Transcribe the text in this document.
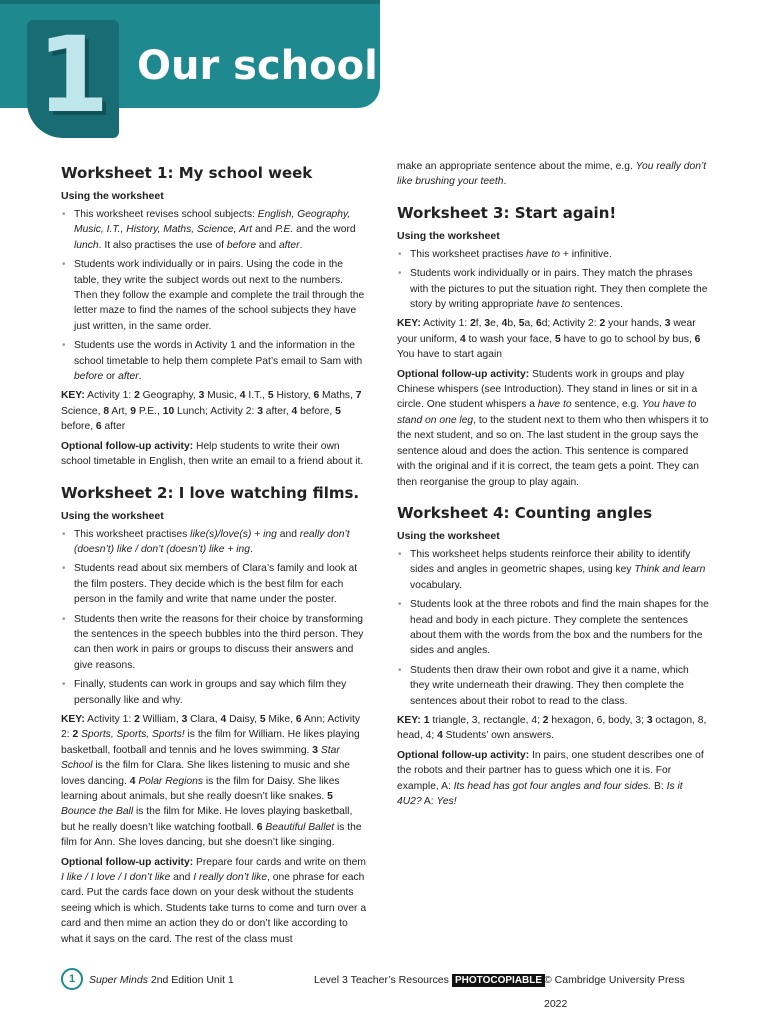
1 Our school
Worksheet 1: My school week
Using the worksheet
• This worksheet revises school subjects: English, Geography, Music, I.T., History, Maths, Science, Art and P.E. and the word lunch. It also practises the use of before and after.
• Students work individually or in pairs. Using the code in the table, they write the subject words out next to the numbers. Then they follow the example and complete the trail through the letter maze to find the names of the school subjects they have just written, in the same order.
• Students use the words in Activity 1 and the information in the school timetable to help them complete Pat’s email to Sam with before or after.

KEY: Activity 1: 2 Geography, 3 Music, 4 I.T., 5 History, 6 Maths, 7 Science, 8 Art, 9 P.E., 10 Lunch; Activity 2: 3 after, 4 before, 5 before, 6 after

Optional follow-up activity: Help students to write their own school timetable in English, then write an email to a friend about it.

Worksheet 2: I love watching films.
Using the worksheet
• This worksheet practises like(s)/love(s) + ing and really don’t (doesn’t) like / don’t (doesn’t) like + ing.
• Students read about six members of Clara’s family and look at the film posters. They decide which is the best film for each person in the family and write that name under the poster.
• Students then write the reasons for their choice by transforming the sentences in the speech bubbles into the third person. They can then work in pairs or groups to discuss their answers and give reasons.
• Finally, students can work in groups and say which film they personally like and why.

KEY: Activity 1: 2 William, 3 Clara, 4 Daisy, 5 Mike, 6 Ann; Activity 2: 2 Sports, Sports, Sports! is the film for William. He likes playing basketball, football and tennis and he loves swimming. 3 Star School is the film for Clara. She likes listening to music and she loves dancing. 4 Polar Regions is the film for Daisy. She likes learning about animals, but she really doesn’t like snakes. 5 Bounce the Ball is the film for Mike. He loves playing basketball, but he really doesn’t like watching football. 6 Beautiful Ballet is the film for Ann. She loves dancing, but she doesn’t like singing.

Optional follow-up activity: Prepare four cards and write on them I like / I love / I don’t like and I really don’t like, one phrase for each card. Put the cards face down on your desk without the students seeing which is which. Students take turns to come and turn over a card and then mime an action they do or don’t like according to what it says on the card. The rest of the class must

make an appropriate sentence about the mime, e.g. You really don’t like brushing your teeth.

Worksheet 3: Start again!
Using the worksheet
• This worksheet practises have to + infinitive.
• Students work individually or in pairs. They match the phrases with the pictures to put the situation right. They then complete the story by writing appropriate have to sentences.

KEY: Activity 1: 2f, 3e, 4b, 5a, 6d; Activity 2: 2 your hands, 3 wear your uniform, 4 to wash your face, 5 have to go to school by bus, 6 You have to start again

Optional follow-up activity: Students work in groups and play Chinese whispers (see Introduction). They stand in lines or sit in a circle. One student whispers a have to sentence, e.g. You have to stand on one leg, to the student next to them who then whispers it to the next student, and so on. The last student in the group says the sentence aloud and does the action. This sentence is compared with the original and if it is correct, the team gets a point. They can then reorganise the group to play again.

Worksheet 4: Counting angles
Using the worksheet
• This worksheet helps students reinforce their ability to identify sides and angles in geometric shapes, using key Think and learn vocabulary.
• Students look at the three robots and find the main shapes for the head and body in each picture. They complete the sentences about them with the words from the box and the numbers for the sides and angles.
• Students then draw their own robot and give it a name, which they write underneath their drawing. They then complete the sentences about their robot to read to the class.

KEY: 1 triangle, 3, rectangle, 4; 2 hexagon, 6, body, 3; 3 octagon, 8, head, 4; 4 Students’ own answers.

Optional follow-up activity: In pairs, one student describes one of the robots and their partner has to guess which one it is. For example, A: Its head has got four angles and four sides. B: Is it 4U2? A: Yes!

1	Super Minds 2nd Edition Unit 1	Level 3 Teacher’s Resources PHOTOCOPIABLE © Cambridge University Press 2022
